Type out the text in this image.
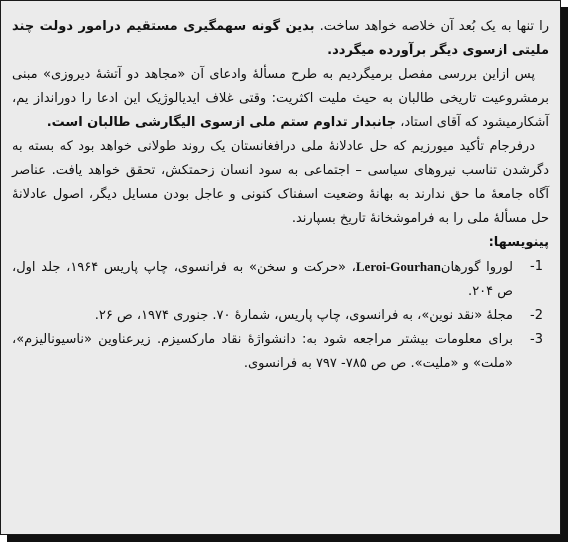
را تنها به یک بُعد آن خلاصه خواهد ساخت. بدین گونه سهمگیری مستقیم درامور دولت چند ملیتی ازسوی دیگر برآورده میگردد.

پس ازاین بررسی مفصل برمیگردیم به طرح مسألۀ وادعای آن «مجاهد دو آتشۀ دیروزی» مبنی برمشروعیت تاریخی طالبان به حیث ملیت اکثریت: وقتی غلاف ایدیالوژیک این ادعا را دورانداز یم، آشکارمیشود که آقای استاد، جانبدار تداوم ستم ملی ازسوی الیگارشی طالبان است.

درفرجام تأکید میورزیم که حل عادلانۀ ملی درافغانستان یک روند طولانی خواهد بود که بسته به دگرشدن تناسب نیروهای سیاسی – اجتماعی به سود انسان زحمتکش، تحقق خواهد یافت. عناصر آگاه جامعۀ ما حق ندارند به بهانۀ وضعیت اسفناک کنونی و عاجل بودن مسایل دیگر، اصول عادلانۀ حل مسألۀ ملی را به فراموشخانۀ تاریخ بسپارند.

پینویسها:

-1
لوروا گورهانLeroi-Gourhan، «حرکت و سخن» به فرانسوی، چاپ پاریس ۱۹۶۴، جلد اول، ص ۲۰۴.

-2
مجلۀ «نقد نوین»، به فرانسوی، چاپ پاریس، شمارۀ ۷۰. جنوری ۱۹۷۴، ص ۲۶.

-3
برای معلومات بیشتر مراجعه شود به: دانشواژۀ نقاد مارکسیزم. زیرعناوین «ناسیونالیزم»، «ملت» و «ملیت». ص ص ۷۸۵- ۷۹۷ به فرانسوی.
